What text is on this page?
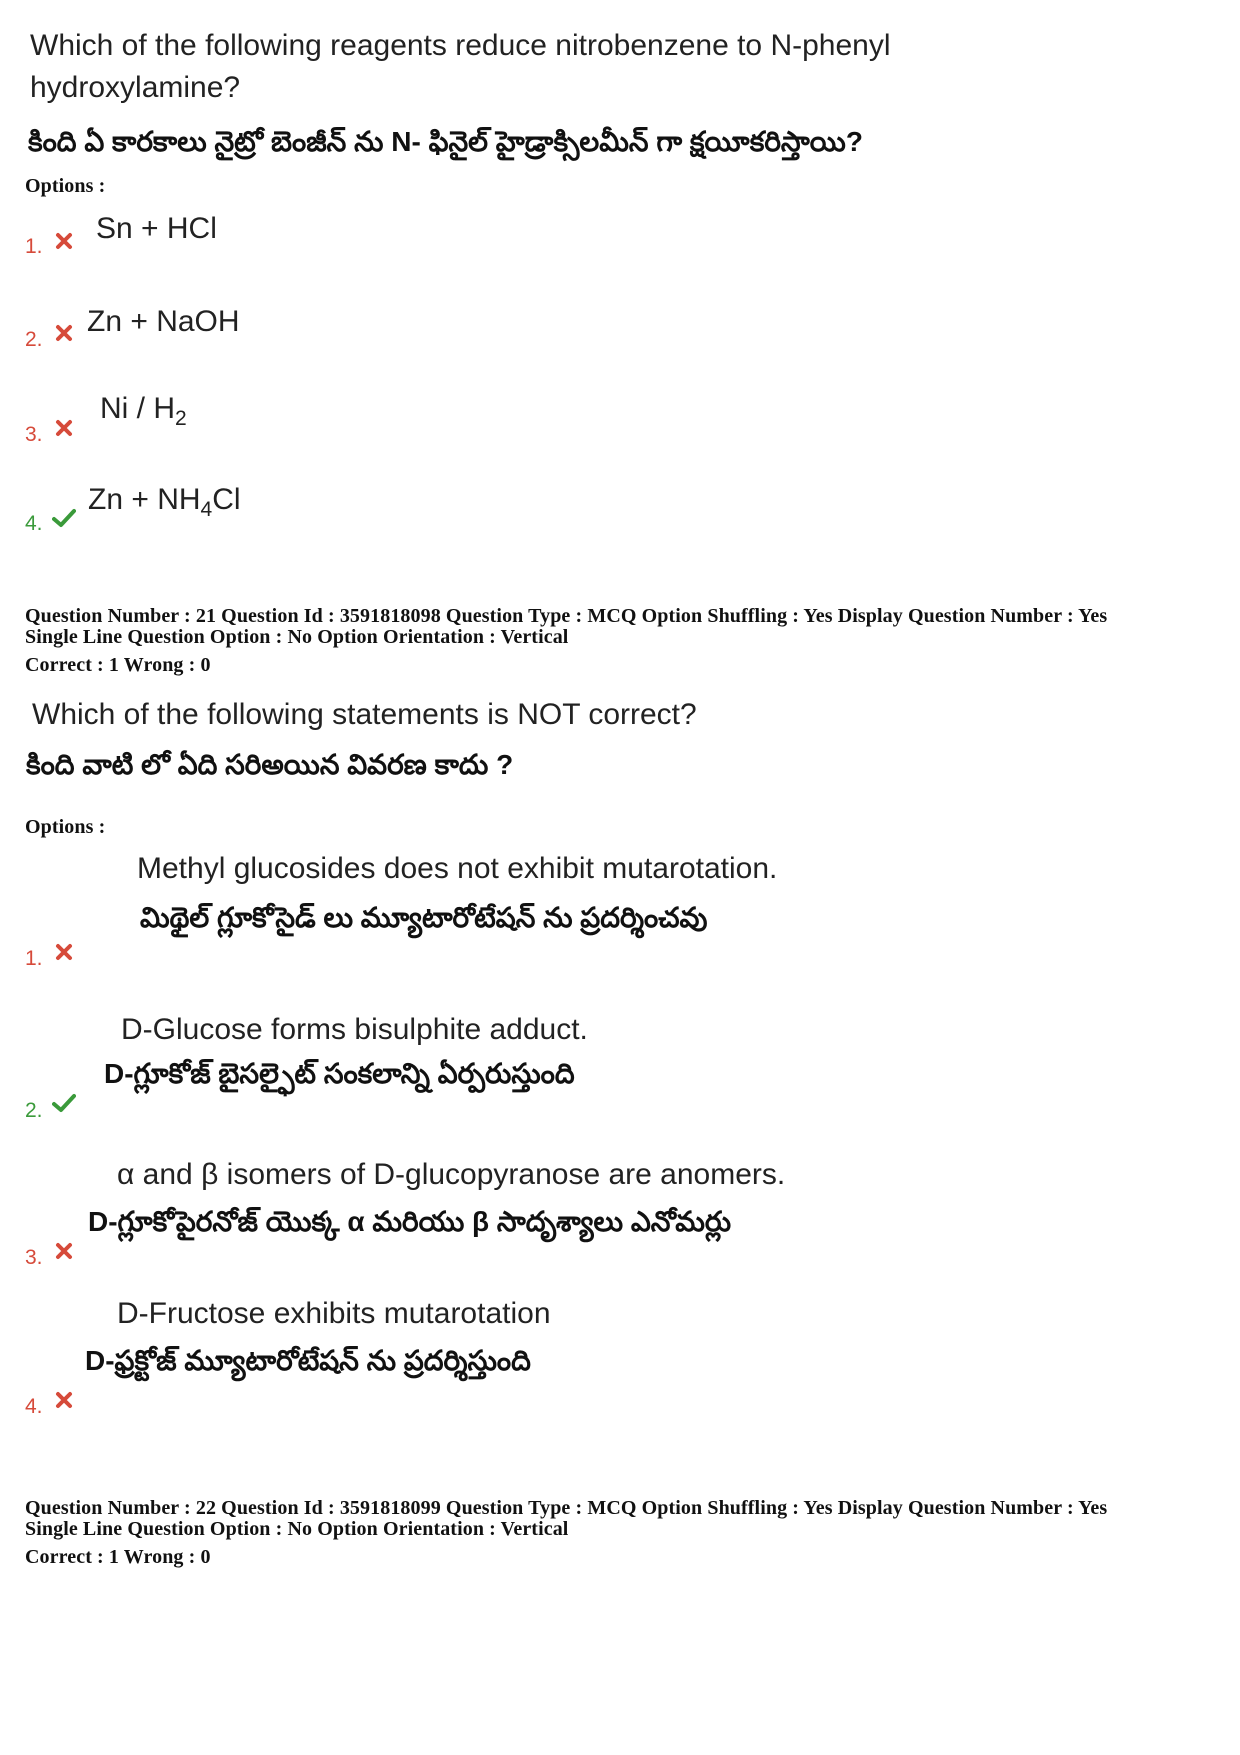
Which of the following reagents reduce nitrobenzene to N-phenyl
hydroxylamine?
కింది ఏ కారకాలు నైట్రో బెంజీన్ ను N- ఫినైల్ హైడ్రాక్సిలమీన్ గా క్షయీకరిస్తాయి?
Options :
1.
Sn + HCl
2.
Zn + NaOH
3.
Ni / $H_2$
4.
$Zn + NH_4Cl$
Question Number : 21 Question Id : 3591818098 Question Type : MCQ Option Shuffling : Yes Display Question Number : Yes
Single Line Question Option : No Option Orientation : Vertical
Correct : 1 Wrong : 0
Which of the following statements is NOT correct?
కింది వాటి లో ఏది సరిఅయిన వివరణ కాదు ?
Options :
Methyl glucosides does not exhibit mutarotation.
మిథైల్ గ్లూకోసైడ్ లు మ్యూటారోటేషన్ ను ప్రదర్శించవు
1.
D-Glucose forms bisulphite adduct.
D-గ్లూకోజ్ బైసల్ఫైట్ సంకలాన్ని ఏర్పరుస్తుంది
2.
α and β isomers of D-glucopyranose are anomers.
D-గ్లూకోపైరనోజ్ యొక్క α మరియు β సాదృశ్యాలు ఎనోమర్లు
3.
D-Fructose exhibits mutarotation
D-ఫ్రక్టోజ్ మ్యూటారోటేషన్ ను ప్రదర్శిస్తుంది
4.
Question Number : 22 Question Id : 3591818099 Question Type : MCQ Option Shuffling : Yes Display Question Number : Yes
Single Line Question Option : No Option Orientation : Vertical
Correct : 1 Wrong : 0
